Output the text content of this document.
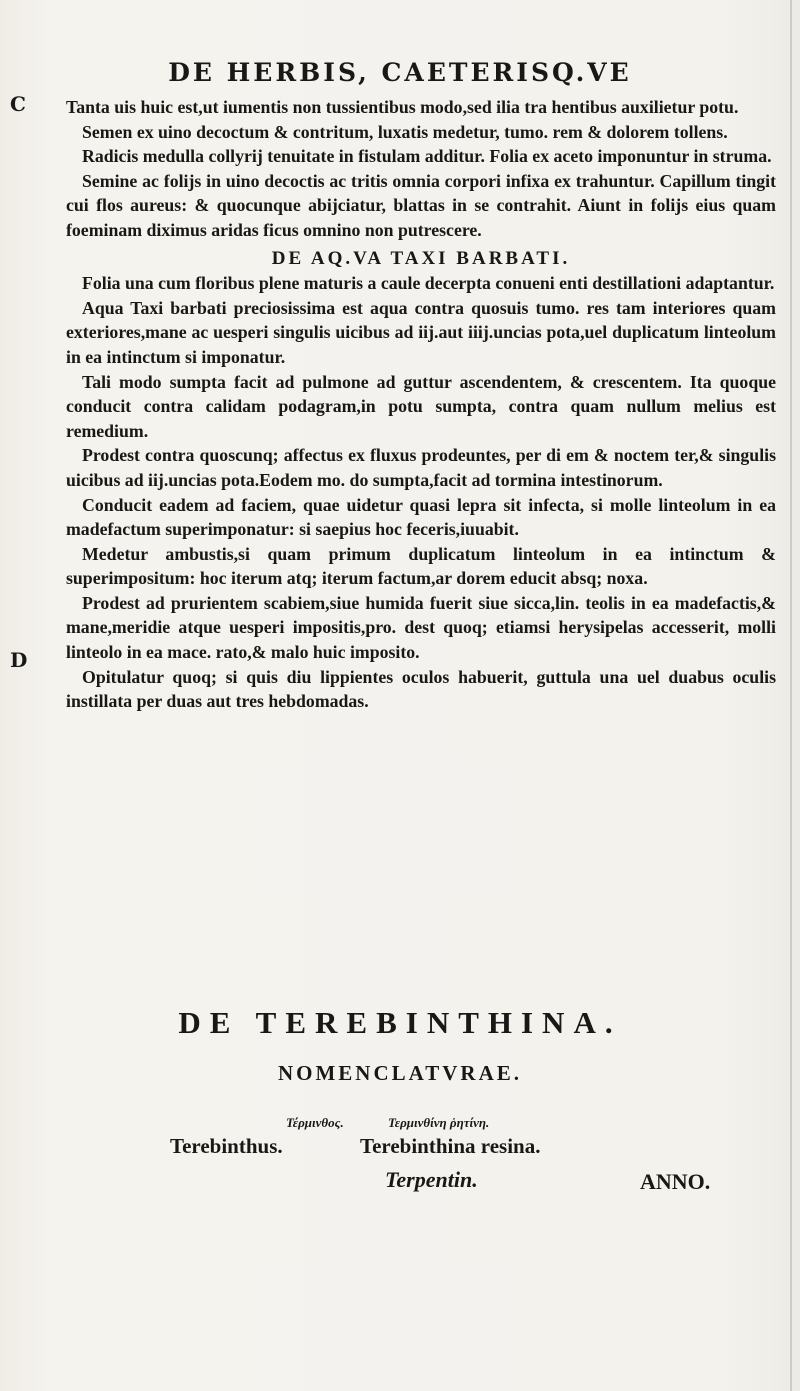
DE HERBIS, CAETERISQ.VE
C
D

Tanta uis huic est,ut iumentis non tussientibus modo,sed ilia tra hentibus auxilietur potu.

Semen ex uino decoctum & contritum, luxatis medetur, tumo. rem & dolorem tollens.

Radicis medulla collyrij tenuitate in fistulam additur. Folia ex aceto imponuntur in struma.

Semine ac folijs in uino decoctis ac tritis omnia corpori infixa ex trahuntur. Capillum tingit cui flos aureus: & quocunque abijciatur, blattas in se contrahit. Aiunt in folijs eius quam foeminam diximus aridas ficus omnino non putrescere.

DE AQ.VA TAXI BARBATI.

Folia una cum floribus plene maturis a caule decerpta conueni enti destillationi adaptantur.

Aqua Taxi barbati preciosissima est aqua contra quosuis tumo. res tam interiores quam exteriores,mane ac uesperi singulis uicibus ad iij.aut iiij.uncias pota,uel duplicatum linteolum in ea intinctum si imponatur.

Tali modo sumpta facit ad pulmone ad guttur ascendentem, & crescentem. Ita quoque conducit contra calidam podagram,in potu sumpta, contra quam nullum melius est remedium.

Prodest contra quoscunq; affectus ex fluxus prodeuntes, per di em & noctem ter,& singulis uicibus ad iij.uncias pota.Eodem mo. do sumpta,facit ad tormina intestinorum.

Conducit eadem ad faciem, quae uidetur quasi lepra sit infecta, si molle linteolum in ea madefactum superimponatur: si saepius hoc feceris,iuuabit.

Medetur ambustis,si quam primum duplicatum linteolum in ea intinctum & superimpositum: hoc iterum atq; iterum factum,ar dorem educit absq; noxa.

Prodest ad prurientem scabiem,siue humida fuerit siue sicca,lin. teolis in ea madefactis,& mane,meridie atque uesperi impositis,pro. dest quoq; etiamsi herysipelas accesserit, molli linteolo in ea mace. rato,& malo huic imposito.

Opitulatur quoq; si quis diu lippientes oculos habuerit, guttula una uel duabus oculis instillata per duas aut tres hebdomadas.

DE TEREBINTHINA.
NOMENCLATVRAE.
Τέρμινθος.	Τερμινθίνη ῥητίνη.
Terebinthus.	Terebinthina resina.
Terpentin.	ANNO.
